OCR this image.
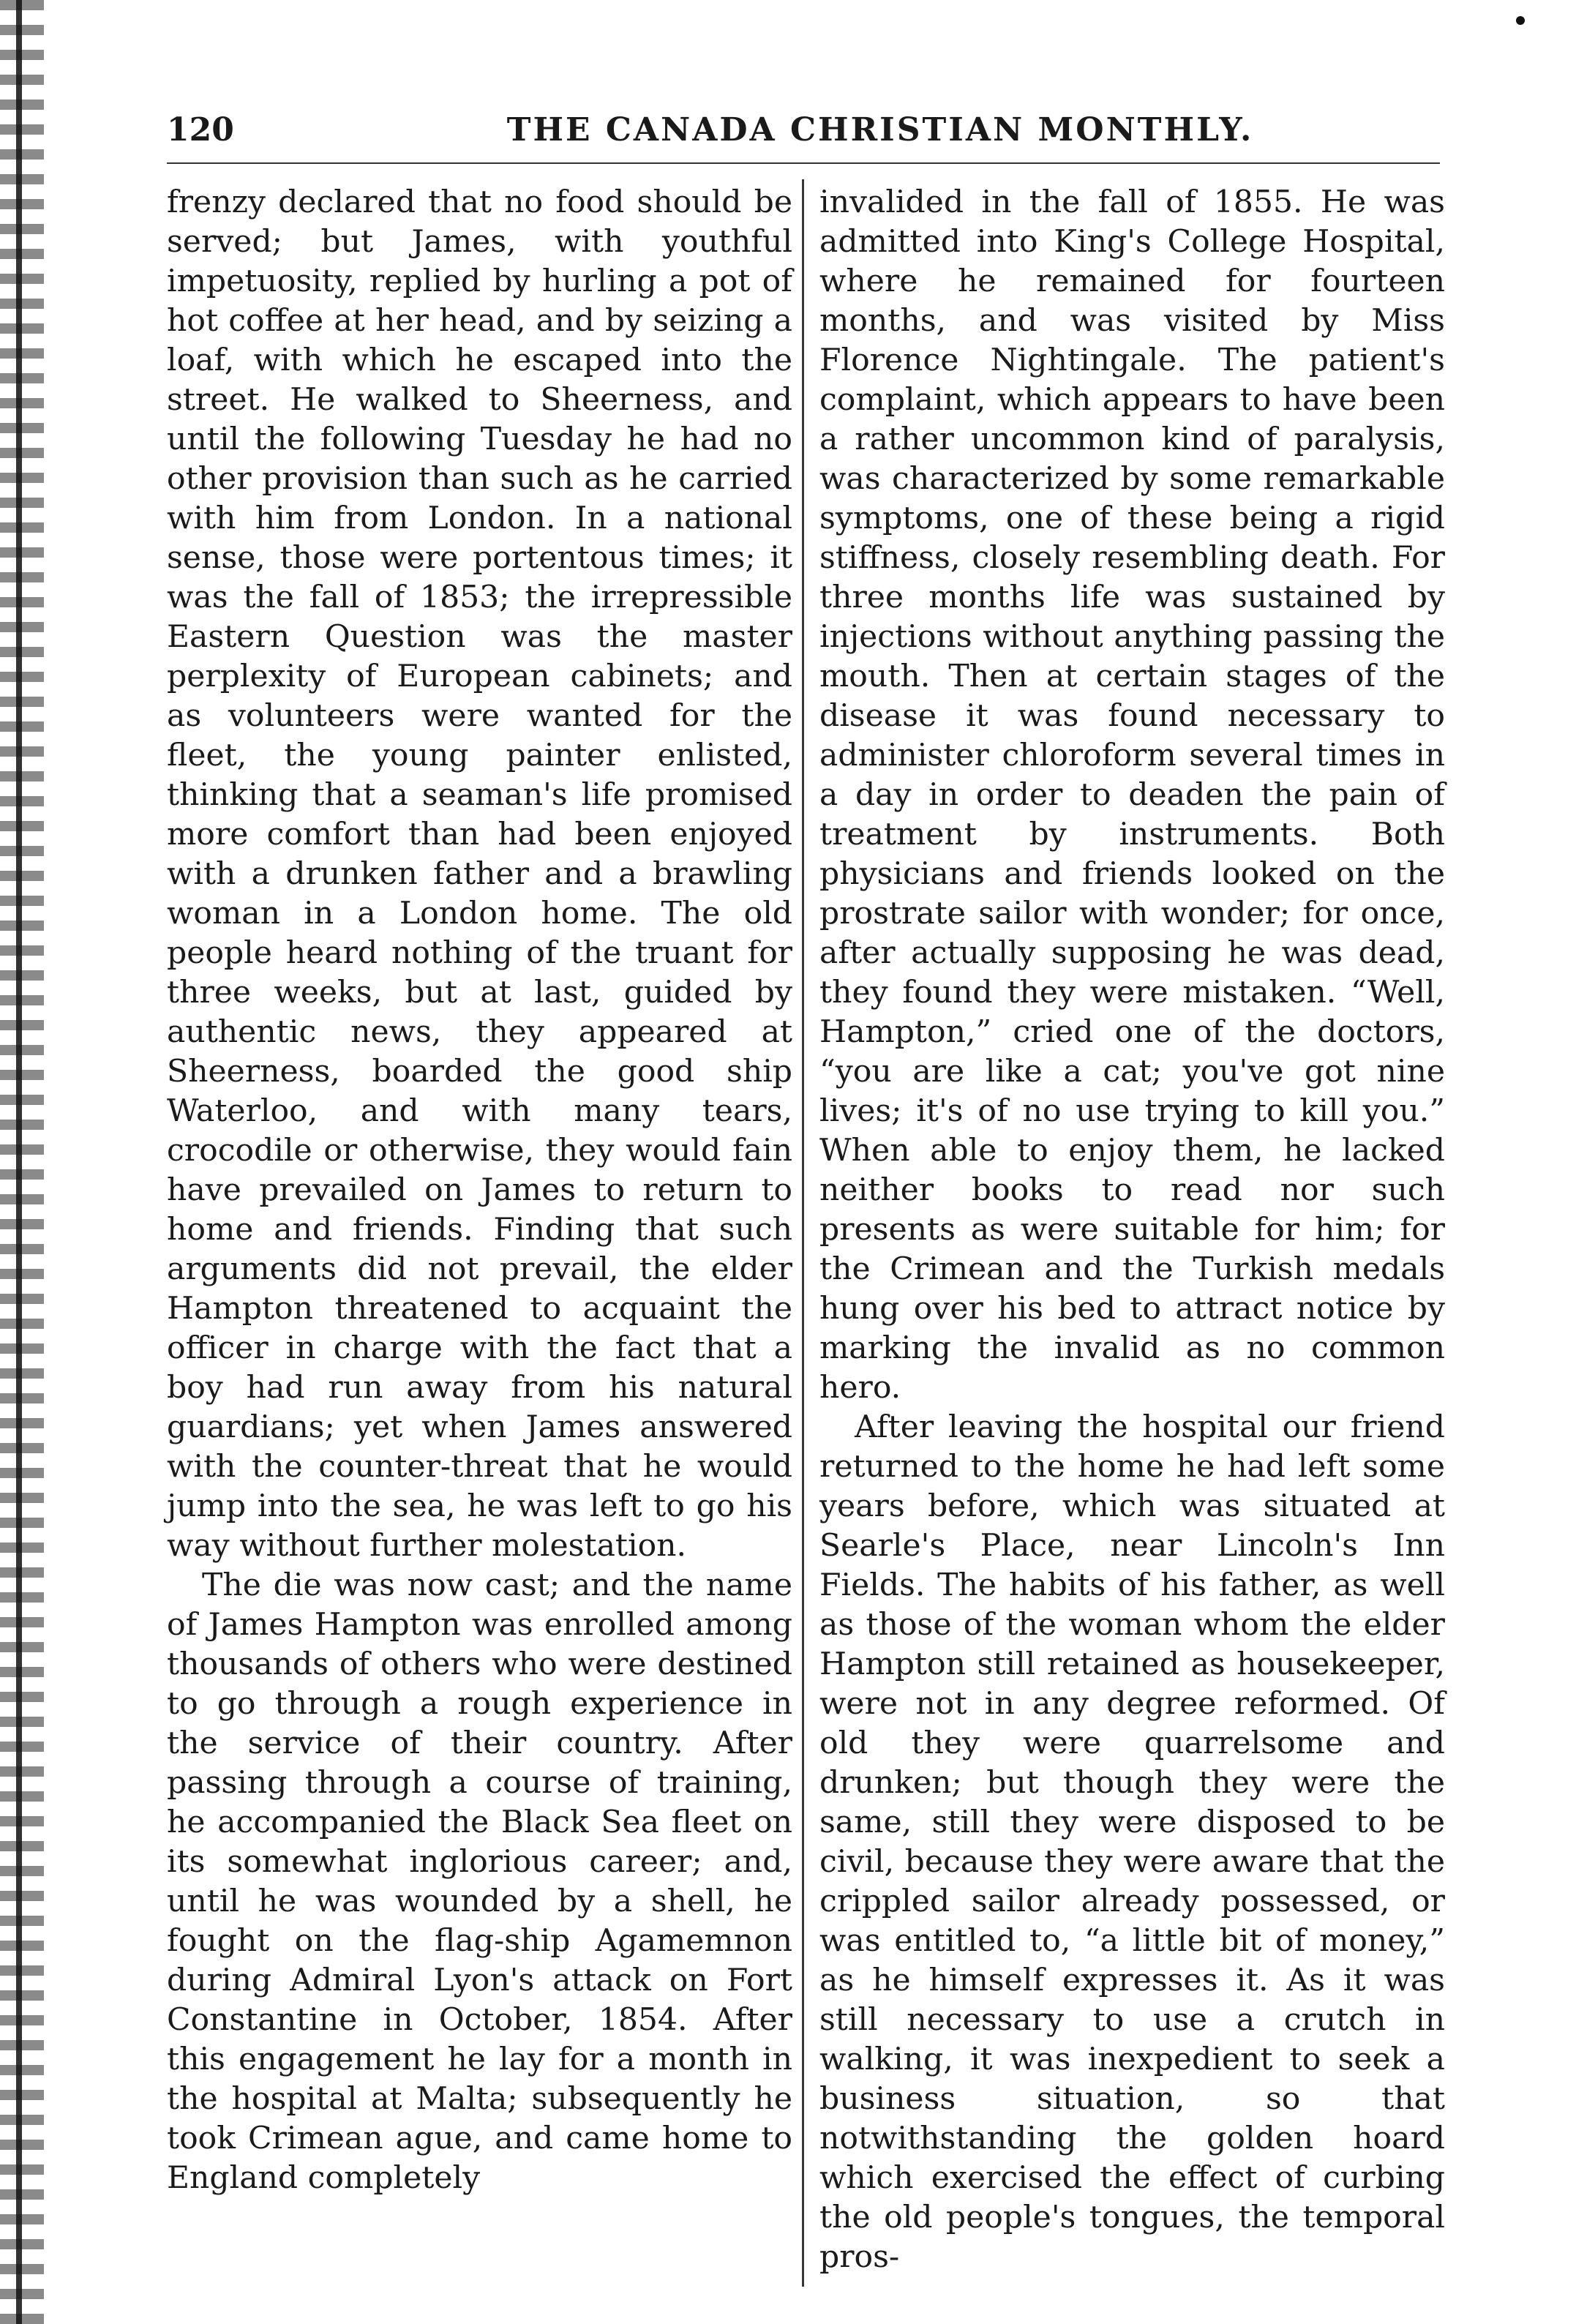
120	THE CANADA CHRISTIAN MONTHLY.

frenzy declared that no food should be served; but James, with youthful impetuosity, replied by hurling a pot of hot coffee at her head, and by seizing a loaf, with which he escaped into the street. He walked to Sheerness, and until the following Tuesday he had no other provision than such as he carried with him from London. In a national sense, those were portentous times; it was the fall of 1853; the irrepressible Eastern Question was the master perplexity of European cabinets; and as volunteers were wanted for the fleet, the young painter enlisted, thinking that a seaman's life promised more comfort than had been enjoyed with a drunken father and a brawling woman in a London home. The old people heard nothing of the truant for three weeks, but at last, guided by authentic news, they appeared at Sheerness, boarded the good ship Waterloo, and with many tears, crocodile or otherwise, they would fain have prevailed on James to return to home and friends. Finding that such arguments did not prevail, the elder Hampton threatened to acquaint the officer in charge with the fact that a boy had run away from his natural guardians; yet when James answered with the counter-threat that he would jump into the sea, he was left to go his way without further molestation.

The die was now cast; and the name of James Hampton was enrolled among thousands of others who were destined to go through a rough experience in the service of their country. After passing through a course of training, he accompanied the Black Sea fleet on its somewhat inglorious career; and, until he was wounded by a shell, he fought on the flag-ship Agamemnon during Admiral Lyon's attack on Fort Constantine in October, 1854. After this engagement he lay for a month in the hospital at Malta; subsequently he took Crimean ague, and came home to England completely

invalided in the fall of 1855. He was admitted into King's College Hospital, where he remained for fourteen months, and was visited by Miss Florence Nightingale. The patient's complaint, which appears to have been a rather uncommon kind of paralysis, was characterized by some remarkable symptoms, one of these being a rigid stiffness, closely resembling death. For three months life was sustained by injections without anything passing the mouth. Then at certain stages of the disease it was found necessary to administer chloroform several times in a day in order to deaden the pain of treatment by instruments. Both physicians and friends looked on the prostrate sailor with wonder; for once, after actually supposing he was dead, they found they were mistaken. “Well, Hampton,” cried one of the doctors, “you are like a cat; you've got nine lives; it's of no use trying to kill you.” When able to enjoy them, he lacked neither books to read nor such presents as were suitable for him; for the Crimean and the Turkish medals hung over his bed to attract notice by marking the invalid as no common hero.

After leaving the hospital our friend returned to the home he had left some years before, which was situated at Searle's Place, near Lincoln's Inn Fields. The habits of his father, as well as those of the woman whom the elder Hampton still retained as housekeeper, were not in any degree reformed. Of old they were quarrelsome and drunken; but though they were the same, still they were disposed to be civil, because they were aware that the crippled sailor already possessed, or was entitled to, “a little bit of money,” as he himself expresses it. As it was still necessary to use a crutch in walking, it was inexpedient to seek a business situation, so that notwithstanding the golden hoard which exercised the effect of curbing the old people's tongues, the temporal pros-
